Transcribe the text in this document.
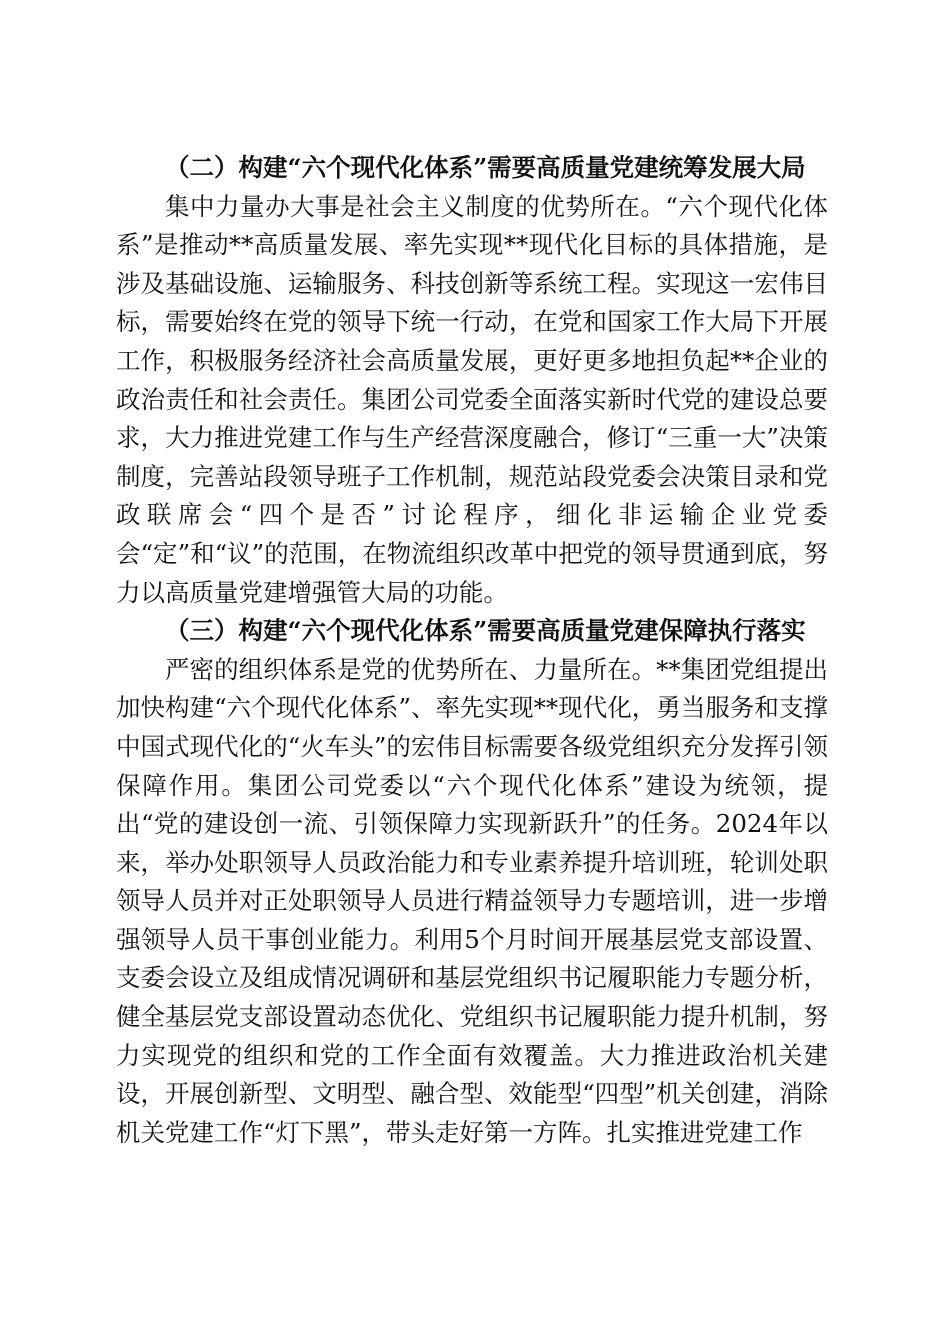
（二）构建“六个现代化体系”需要高质量党建统筹发展大局

集中力量办大事是社会主义制度的优势所在。“六个现代化体系”是推动**高质量发展、率先实现**现代化目标的具体措施，是涉及基础设施、运输服务、科技创新等系统工程。实现这一宏伟目标，需要始终在党的领导下统一行动，在党和国家工作大局下开展工作，积极服务经济社会高质量发展，更好更多地担负起**企业的政治责任和社会责任。集团公司党委全面落实新时代党的建设总要求，大力推进党建工作与生产经营深度融合，修订“三重一大”决策制度，完善站段领导班子工作机制，规范站段党委会决策目录和党政联席会“四个是否”讨论程序，细化非运输企业党委会“定”和“议”的范围，在物流组织改革中把党的领导贯通到底，努力以高质量党建增强管大局的功能。

（三）构建“六个现代化体系”需要高质量党建保障执行落实

严密的组织体系是党的优势所在、力量所在。**集团党组提出加快构建“六个现代化体系”、率先实现**现代化，勇当服务和支撑中国式现代化的“火车头”的宏伟目标需要各级党组织充分发挥引领保障作用。集团公司党委以“六个现代化体系”建设为统领，提出“党的建设创一流、引领保障力实现新跃升”的任务。2024年以来，举办处职领导人员政治能力和专业素养提升培训班，轮训处职领导人员并对正处职领导人员进行精益领导力专题培训，进一步增强领导人员干事创业能力。利用5个月时间开展基层党支部设置、支委会设立及组成情况调研和基层党组织书记履职能力专题分析，健全基层党支部设置动态优化、党组织书记履职能力提升机制，努力实现党的组织和党的工作全面有效覆盖。大力推进政治机关建设，开展创新型、文明型、融合型、效能型“四型”机关创建，消除机关党建工作“灯下黑”，带头走好第一方阵。扎实推进党建工作
